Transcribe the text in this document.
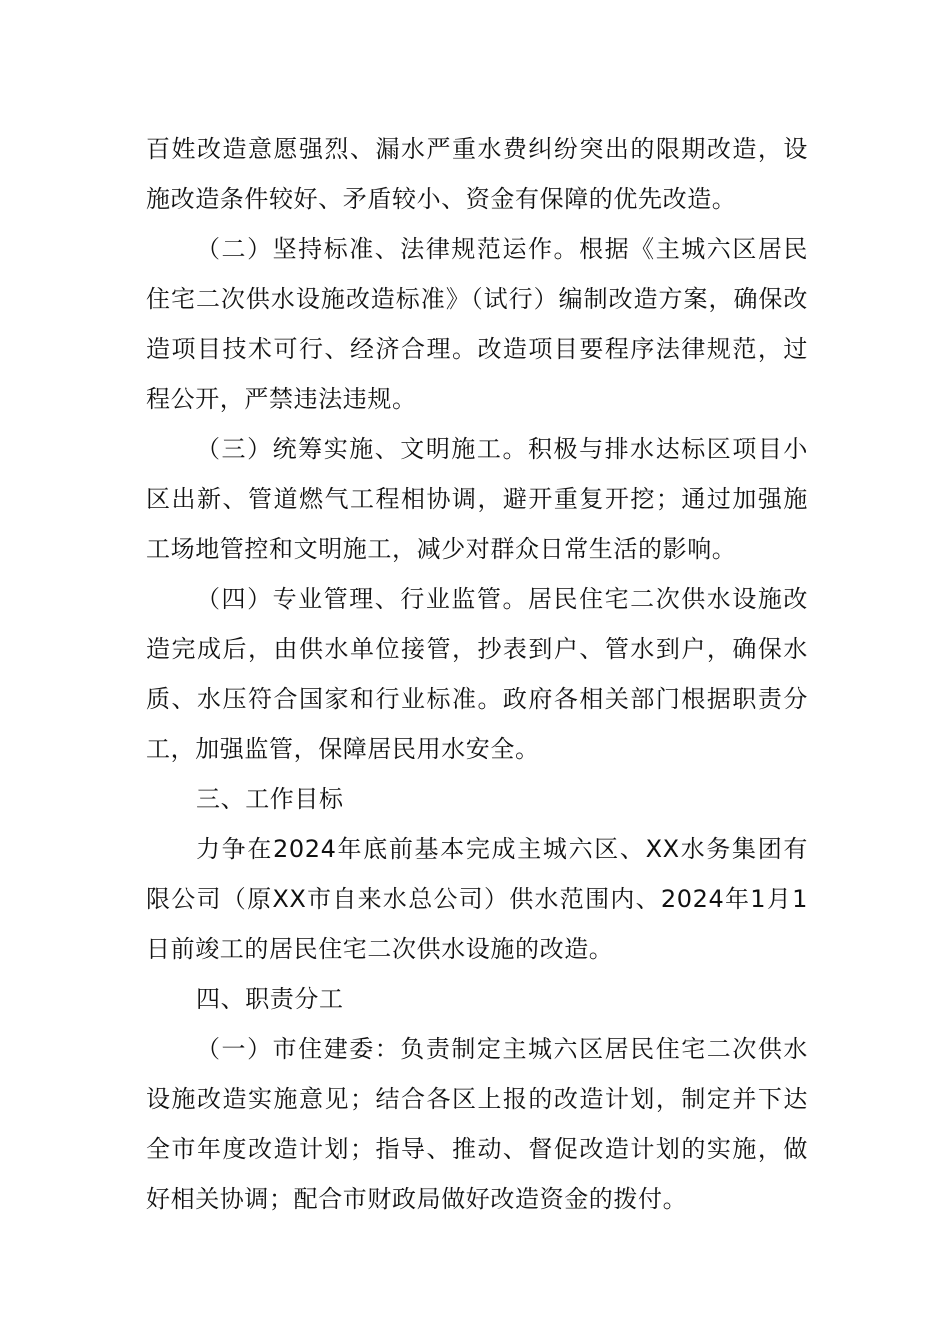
百姓改造意愿强烈、漏水严重水费纠纷突出的限期改造，设施改造条件较好、矛盾较小、资金有保障的优先改造。

（二）坚持标准、法律规范运作。根据《主城六区居民住宅二次供水设施改造标准》（试行）编制改造方案，确保改造项目技术可行、经济合理。改造项目要程序法律规范，过程公开，严禁违法违规。

（三）统筹实施、文明施工。积极与排水达标区项目小区出新、管道燃气工程相协调，避开重复开挖；通过加强施工场地管控和文明施工，减少对群众日常生活的影响。

（四）专业管理、行业监管。居民住宅二次供水设施改造完成后，由供水单位接管，抄表到户、管水到户，确保水质、水压符合国家和行业标准。政府各相关部门根据职责分工，加强监管，保障居民用水安全。

三、工作目标

力争在2024年底前基本完成主城六区、XX水务集团有限公司（原XX市自来水总公司）供水范围内、2024年1月1日前竣工的居民住宅二次供水设施的改造。

四、职责分工

（一）市住建委：负责制定主城六区居民住宅二次供水设施改造实施意见；结合各区上报的改造计划，制定并下达全市年度改造计划；指导、推动、督促改造计划的实施，做好相关协调；配合市财政局做好改造资金的拨付。
